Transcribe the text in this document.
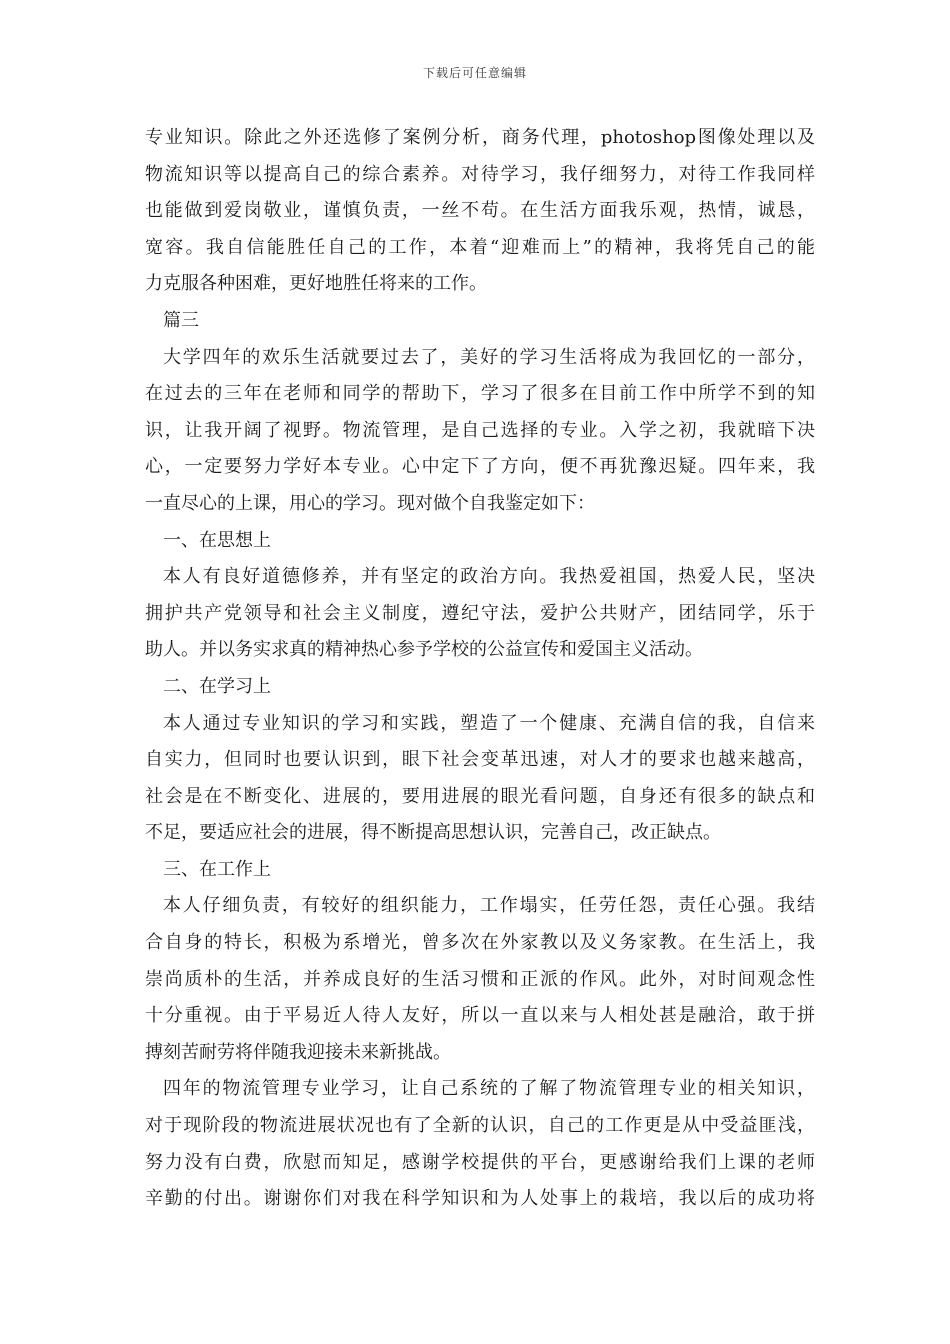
下载后可任意编辑
专业知识。除此之外还选修了案例分析，商务代理，photoshop图像处理以及
物流知识等以提高自己的综合素养。对待学习，我仔细努力，对待工作我同样
也能做到爱岗敬业，谨慎负责，一丝不苟。在生活方面我乐观，热情，诚恳，
宽容。我自信能胜任自己的工作，本着“迎难而上”的精神，我将凭自己的能
力克服各种困难，更好地胜任将来的工作。
篇三
大学四年的欢乐生活就要过去了，美好的学习生活将成为我回忆的一部分，
在过去的三年在老师和同学的帮助下，学习了很多在目前工作中所学不到的知
识，让我开阔了视野。物流管理，是自己选择的专业。入学之初，我就暗下决
心，一定要努力学好本专业。心中定下了方向，便不再犹豫迟疑。四年来，我
一直尽心的上课，用心的学习。现对做个自我鉴定如下：
一、在思想上
本人有良好道德修养，并有坚定的政治方向。我热爱祖国，热爱人民，坚决
拥护共产党领导和社会主义制度，遵纪守法，爱护公共财产，团结同学，乐于
助人。并以务实求真的精神热心参予学校的公益宣传和爱国主义活动。
二、在学习上
本人通过专业知识的学习和实践，塑造了一个健康、充满自信的我，自信来
自实力，但同时也要认识到，眼下社会变革迅速，对人才的要求也越来越高，
社会是在不断变化、进展的，要用进展的眼光看问题，自身还有很多的缺点和
不足，要适应社会的进展，得不断提高思想认识，完善自己，改正缺点。
三、在工作上
本人仔细负责，有较好的组织能力，工作塌实，任劳任怨，责任心强。我结
合自身的特长，积极为系增光，曾多次在外家教以及义务家教。在生活上，我
崇尚质朴的生活，并养成良好的生活习惯和正派的作风。此外，对时间观念性
十分重视。由于平易近人待人友好，所以一直以来与人相处甚是融洽，敢于拼
搏刻苦耐劳将伴随我迎接未来新挑战。
四年的物流管理专业学习，让自己系统的了解了物流管理专业的相关知识，
对于现阶段的物流进展状况也有了全新的认识，自己的工作更是从中受益匪浅，
努力没有白费，欣慰而知足，感谢学校提供的平台，更感谢给我们上课的老师
辛勤的付出。谢谢你们对我在科学知识和为人处事上的栽培，我以后的成功将
